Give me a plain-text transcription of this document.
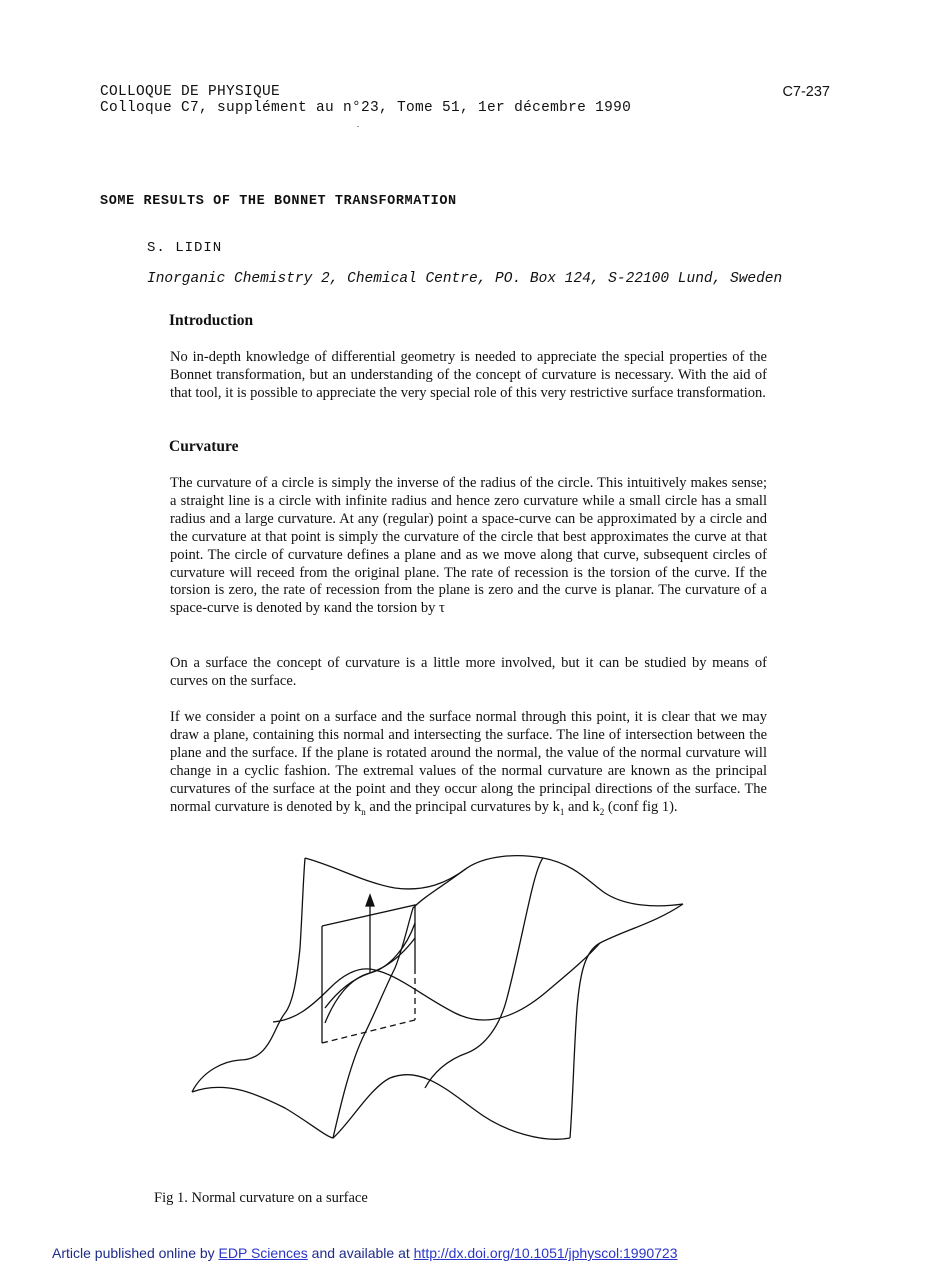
COLLOQUE DE PHYSIQUE
Colloque C7, supplément au n°23, Tome 51, 1er décembre 1990
C7-237
SOME RESULTS OF THE BONNET TRANSFORMATION
S. LIDIN
Inorganic Chemistry 2, Chemical Centre, PO. Box 124, S-22100 Lund, Sweden
Introduction
No in-depth knowledge of differential geometry is needed to appreciate the special properties of the Bonnet transformation, but an understanding of the concept of curvature is necessary. With the aid of that tool, it is possible to appreciate the very special role of this very restrictive surface transformation.
Curvature
The curvature of a circle is simply the inverse of the radius of the circle. This intuitively makes sense; a straight line is a circle with infinite radius and hence zero curvature while a small circle has a small radius and a large curvature. At any (regular) point a space-curve can be approximated by a circle and the curvature at that point is simply the curvature of the circle that best approximates the curve at that point. The circle of curvature defines a plane and as we move along that curve, subsequent circles of curvature will receed from the original plane. The rate of recession is the torsion of the curve. If the torsion is zero, the rate of recession from the plane is zero and the curve is planar. The curvature of a space-curve is denoted by κand the torsion by τ
On a surface the concept of curvature is a little more involved, but it can be studied by means of curves on the surface.
If we consider a point on a surface and the surface normal through this point, it is clear that we may draw a plane, containing this normal and intersecting the surface. The line of intersection between the plane and the surface. If the plane is rotated around the normal, the value of the normal curvature will change in a cyclic fashion. The extremal values of the normal curvature are known as the principal curvatures of the surface at the point and they occur along the principal directions of the surface. The normal curvature is denoted by $k_n$ and the principal curvatures by $k_1$ and $k_2$ (conf fig 1).
Fig 1. Normal curvature on a surface
Article published online by EDP Sciences and available at http://dx.doi.org/10.1051/jphyscol:1990723
